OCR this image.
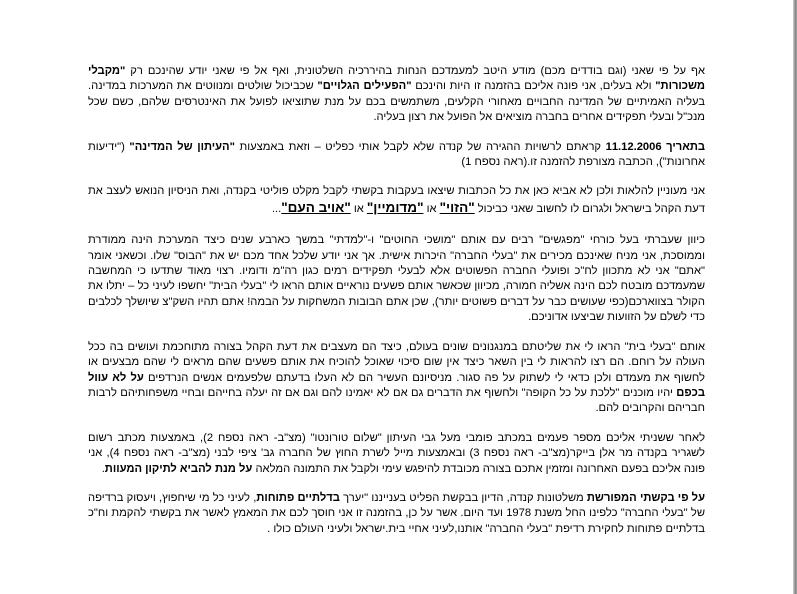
אף על פי שאני (וגם בודדים מכם) מודע היטב למעמדכם הנחות בהיררכיה השלטונית, ואף אל פי שאני יודע שהינכם רק "מקבלי משכורות" ולא בעלים, אני פונה אליכם בהזמנה זו היות והינכם "הפעילים הגלויים" שכביכול שולטים ומנווטים את המערכות במדינה. בעליה האמיתיים של המדינה החבויים מאחורי הקלעים, משתמשים בכם על מנת שתוציאו לפועל את האינטרסים שלהם, כשם שכל מנכ"ל ובעלי תפקידים אחרים בחברה מוציאים אל הפועל את רצון בעליה.

בתאריך 11.12.2006 קראתם לרשויות ההגירה של קנדה שלא לקבל אותי כפליט – וזאת באמצעות "העיתון של המדינה" ("ידיעות אחרונות"), הכתבה מצורפת להזמנה זו.(ראה נספח 1)

אני מעוניין להלאות ולכן לא אביא כאן את כל הכתבות שיצאו בעקבות בקשתי לקבל מקלט פוליטי בקנדה, ואת הניסיון הנואש לעצב את דעת הקהל בישראל ולגרום לו לחשוב שאני כביכול "הזוי" או "מדומיין" או "אויב העם"...

כיוון שעברתי בעל כורחי "מפגשים" רבים עם אותם "מושכי החוטים" ו-"למדתי" במשך כארבע שנים כיצד המערכת הינה ממודרת וממוסכת, אני מניח שאינכם מכירים את "בעלי החברה" היכרות אישית. אך אני יודע שלכל אחד מכם יש את "הבוס" שלו. וכשאני אומר "אתם" אני לא מתכוון לח"כ ופועלי החברה הפשוטים אלא לבעלי תפקידים רמים כגון רה"מ ודומיו. רצוי מאוד שתדעו כי המחשבה שמעמדכם מובטח לכם הינה אשליה חמורה, מכיוון שכאשר אותם פשעים נוראיים אותם הראו לי "בעלי הבית" יחשפו לעיני כל – יתלו את הקולר בצווארכם(כפי שעושים כבר על דברים פשוטים יותר), שכן אתם הבובות המשחקות על הבמה! אתם תהיו השק"צ שיושלך לכלבים כדי לשלם על הזוועות שביצעו אדוניכם.

אותם "בעלי בית" הראו לי את שליטתם במנגנונים שונים בעולם, כיצד הם מעצבים את דעת הקהל בצורה מתוחכמת ועושים בה ככל העולה על רוחם. הם רצו להראות לי בין השאר כיצד אין שום סיכוי שאוכל להוכיח את אותם פשעים שהם מראים לי שהם מבצעים או לחשוף את מעמדם ולכן כדאי לי לשתוק על פה סגור. מניסיונם העשיר הם לא העלו בדעתם שלפעמים אנשים הנרדפים על לא עוול בכפם יהיו מוכנים "ללכת על כל הקופה" ולחשוף את הדברים גם אם לא יאמינו להם וגם אם זה יעלה בחייהם ובחיי משפחותיהם לרבות חבריהם והקרובים להם.

לאחר ששניתי אליכם מספר פעמים במכתב פומבי מעל גבי העיתון "שלום טורונטו" (מצ"ב- ראה נספח 2), באמצעות מכתב רשום לשגריר בקנדה מר אלן בייקר(מצ"ב- ראה נספח 3) ובאמצעות מייל לשרת החוץ של החברה גב' ציפי לבני (מצ"ב- ראה נספח 4), אני פונה אליכם בפעם האחרונה ומזמין אתכם בצורה מכובדת להיפגש עימי ולקבל את התמונה המלאה על מנת להביא לתיקון המעוות.

על פי בקשתי המפורשת משלטונות קנדה, הדיון בבקשת הפליט בענייננו "יערך בדלתיים פתוחות, לעיני כל מי שיחפוץ, ויעסוק ברדיפה של "בעלי החברה" כלפינו החל משנת 1978 ועד היום. אשר על כן, בהזמנה זו אני חוסך לכם את המאמץ לאשר את בקשתי להקמת וח"כ בדלתיים פתוחות לחקירת רדיפת "בעלי החברה" אותנו,לעיני אחיי בית.ישראל ולעיני העולם כולו .
